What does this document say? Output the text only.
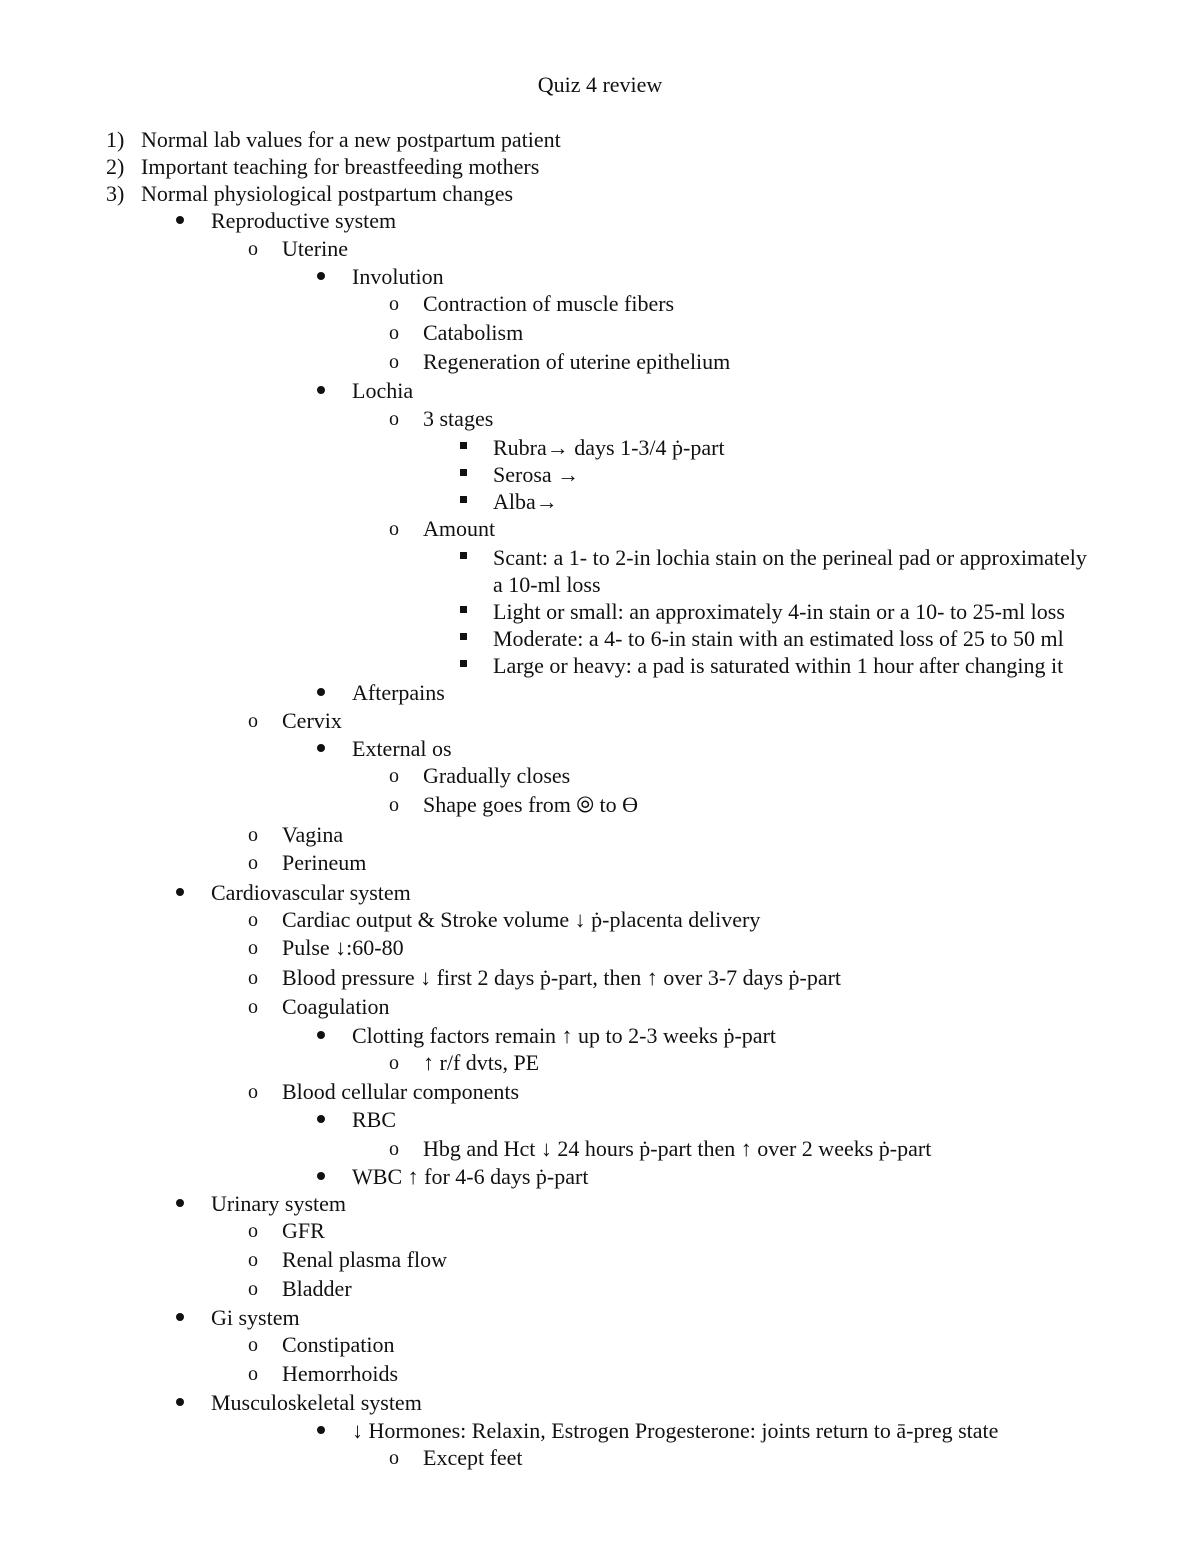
Quiz 4 review
1) Normal lab values for a new postpartum patient
2) Important teaching for breastfeeding mothers
3) Normal physiological postpartum changes
Reproductive system
o Uterine
Involution
o Contraction of muscle fibers
o Catabolism
o Regeneration of uterine epithelium
Lochia
o 3 stages
Rubra→ days 1-3/4 ṗ-part
Serosa →
Alba→
o Amount
Scant: a 1- to 2-in lochia stain on the perineal pad or approximately
a 10-ml loss
Light or small: an approximately 4-in stain or a 10- to 25-ml loss
Moderate: a 4- to 6-in stain with an estimated loss of 25 to 50 ml
Large or heavy: a pad is saturated within 1 hour after changing it
Afterpains
o Cervix
External os
o Gradually closes
o Shape goes from ⦾ to ϴ
o Vagina
o Perineum
Cardiovascular system
o Cardiac output & Stroke volume ↓ ṗ-placenta delivery
o Pulse ↓:60-80
o Blood pressure ↓ first 2 days ṗ-part, then ↑ over 3-7 days ṗ-part
o Coagulation
Clotting factors remain ↑ up to 2-3 weeks ṗ-part
o ↑ r/f dvts, PE
o Blood cellular components
RBC
o Hbg and Hct ↓ 24 hours ṗ-part then ↑ over 2 weeks ṗ-part
WBC ↑ for 4-6 days ṗ-part
Urinary system
o GFR
o Renal plasma flow
o Bladder
Gi system
o Constipation
o Hemorrhoids
Musculoskeletal system
↓ Hormones: Relaxin, Estrogen Progesterone: joints return to ā-preg state
o Except feet
